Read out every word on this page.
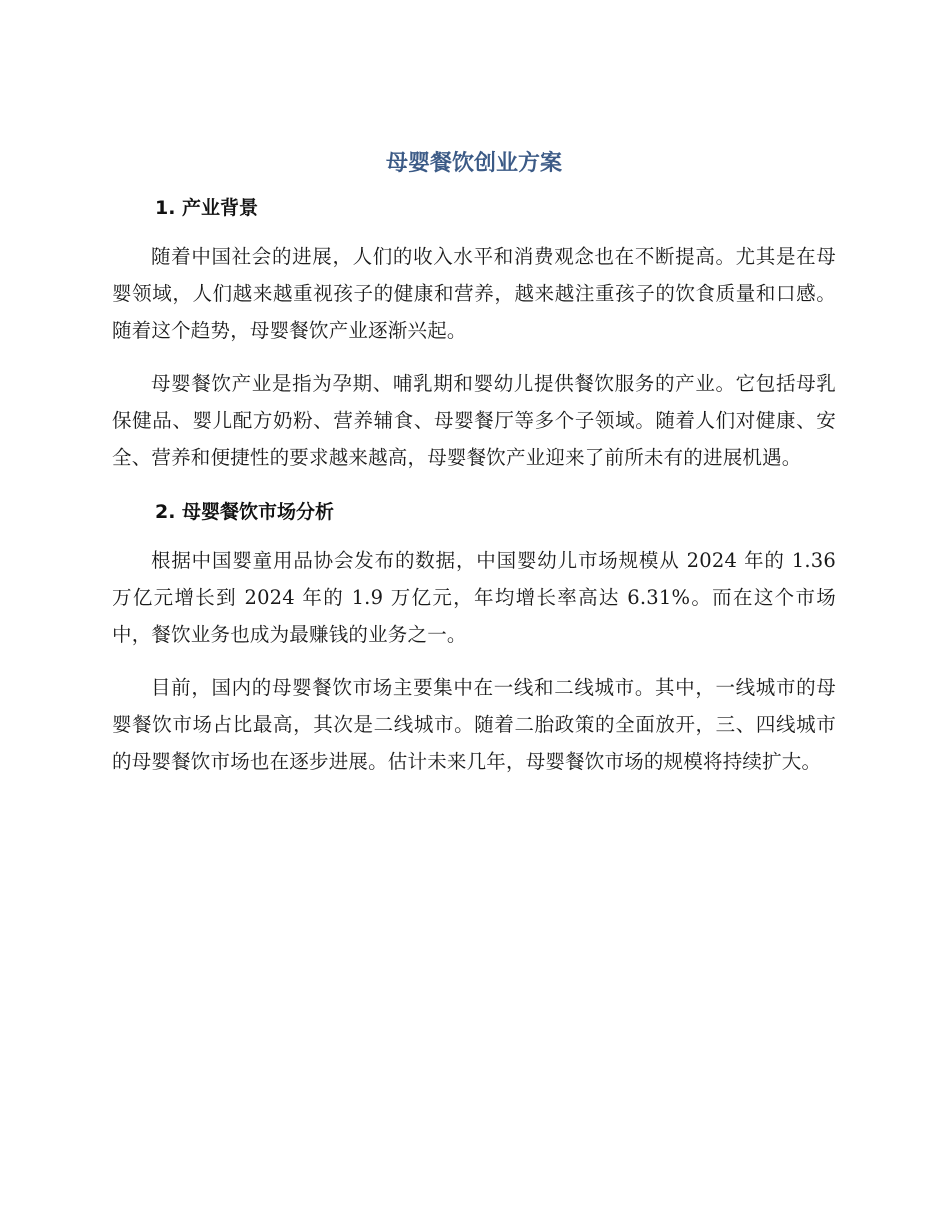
母婴餐饮创业方案
1. 产业背景

随着中国社会的进展，人们的收入水平和消费观念也在不断提高。尤其是在母婴领域，人们越来越重视孩子的健康和营养，越来越注重孩子的饮食质量和口感。随着这个趋势，母婴餐饮产业逐渐兴起。

母婴餐饮产业是指为孕期、哺乳期和婴幼儿提供餐饮服务的产业。它包括母乳保健品、婴儿配方奶粉、营养辅食、母婴餐厅等多个子领域。随着人们对健康、安全、营养和便捷性的要求越来越高，母婴餐饮产业迎来了前所未有的进展机遇。

2. 母婴餐饮市场分析

根据中国婴童用品协会发布的数据，中国婴幼儿市场规模从 2024 年的 1.36 万亿元增长到 2024 年的 1.9 万亿元，年均增长率高达 6.31%。而在这个市场中，餐饮业务也成为最赚钱的业务之一。

目前，国内的母婴餐饮市场主要集中在一线和二线城市。其中，一线城市的母婴餐饮市场占比最高，其次是二线城市。随着二胎政策的全面放开，三、四线城市的母婴餐饮市场也在逐步进展。估计未来几年，母婴餐饮市场的规模将持续扩大。
